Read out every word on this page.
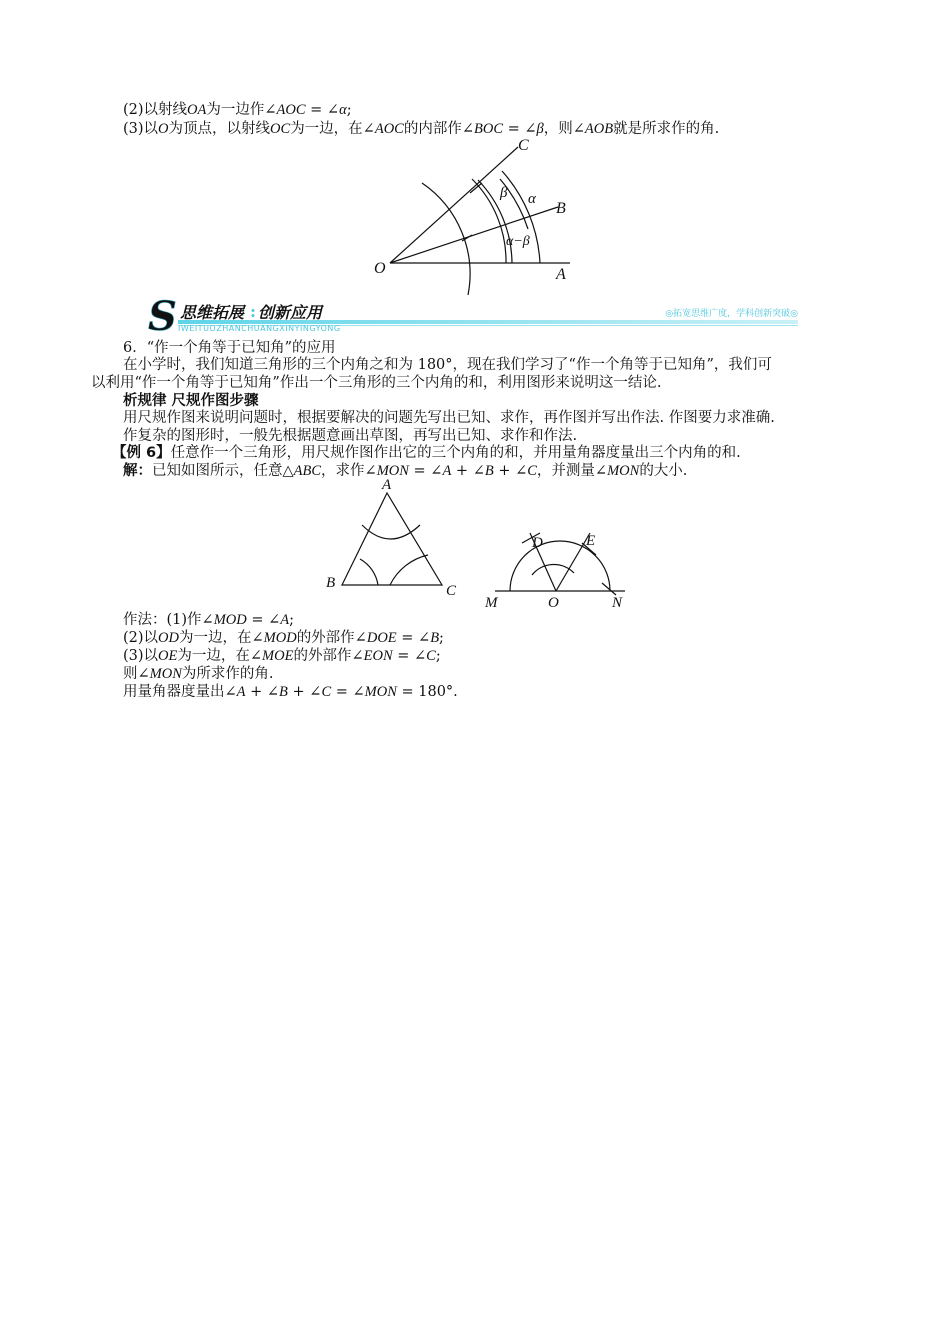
(2)以射线OA为一边作∠AOC = ∠α;
(3)以O为顶点，以射线OC为一边，在∠AOC的内部作∠BOC = ∠β，则∠AOB就是所求作的角.
C
B
O	A
α
β
α−β
S 思维拓展 : 创新应用
IWEITUOZHANCHUANGXINYINGYONG
◎拓宽思维广度，学科创新突破◎
6．“作一个角等于已知角”的应用
在小学时，我们知道三角形的三个内角之和为 180°，现在我们学习了“作一个角等于已知角”，我们可
以利用“作一个角等于已知角”作出一个三角形的三个内角的和，利用图形来说明这一结论.
析规律 尺规作图步骤
用尺规作图来说明问题时，根据要解决的问题先写出已知、求作，再作图并写出作法. 作图要力求准确.
作复杂的图形时，一般先根据题意画出草图，再写出已知、求作和作法.
【例 6】任意作一个三角形，用尺规作图作出它的三个内角的和，并用量角器度量出三个内角的和.
解：已知如图所示，任意△ABC，求作∠MON = ∠A + ∠B + ∠C，并测量∠MON的大小.
A
B	C
D	E
M	O	N
作法：(1)作∠MOD = ∠A;
(2)以OD为一边，在∠MOD的外部作∠DOE = ∠B;
(3)以OE为一边，在∠MOE的外部作∠EON = ∠C;
则∠MON为所求作的角.
用量角器度量出∠A + ∠B + ∠C = ∠MON = 180°.
